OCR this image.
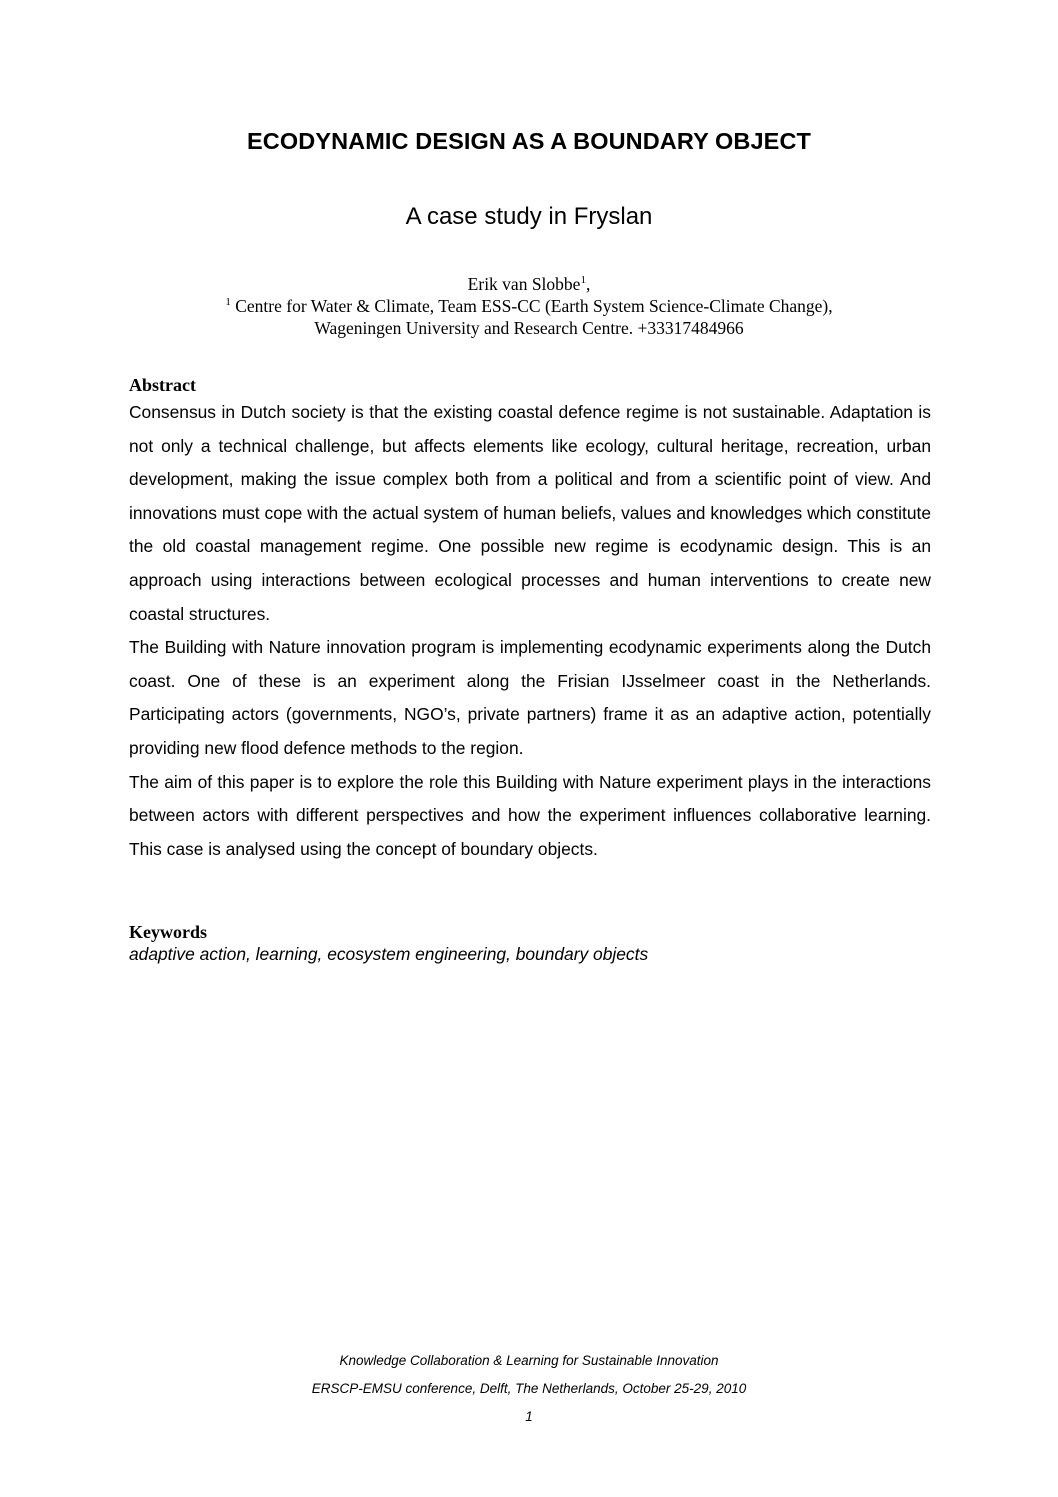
ECODYNAMIC DESIGN AS A BOUNDARY OBJECT
A case study in Fryslan
Erik van Slobbe$^1$,
$^1$ Centre for Water & Climate, Team ESS-CC (Earth System Science-Climate Change),
Wageningen University and Research Centre. +33317484966
Abstract

Consensus in Dutch society is that the existing coastal defence regime is not sustainable. Adaptation is not only a technical challenge, but affects elements like ecology, cultural heritage, recreation, urban development, making the issue complex both from a political and from a scientific point of view. And innovations must cope with the actual system of human beliefs, values and knowledges which constitute the old coastal management regime. One possible new regime is ecodynamic design. This is an approach using interactions between ecological processes and human interventions to create new coastal structures.

The Building with Nature innovation program is implementing ecodynamic experiments along the Dutch coast. One of these is an experiment along the Frisian IJsselmeer coast in the Netherlands. Participating actors (governments, NGO’s, private partners) frame it as an adaptive action, potentially providing new flood defence methods to the region.

The aim of this paper is to explore the role this Building with Nature experiment plays in the interactions between actors with different perspectives and how the experiment influences collaborative learning. This case is analysed using the concept of boundary objects.

Keywords
adaptive action, learning, ecosystem engineering, boundary objects
Knowledge Collaboration & Learning for Sustainable Innovation
ERSCP-EMSU conference, Delft, The Netherlands, October 25-29, 2010
1
